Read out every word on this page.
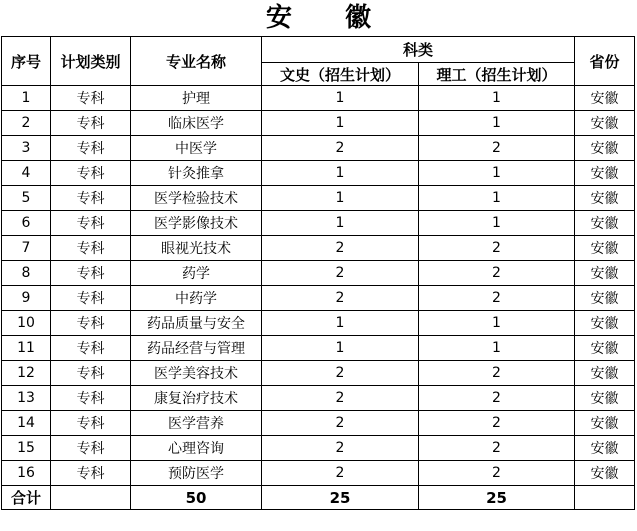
安 徽
序号	计划类别	专业名称	科类		省份
			文史（招生计划）	理工（招生计划）	
1	专科	护理	1	1	安徽
2	专科	临床医学	1	1	安徽
3	专科	中医学	2	2	安徽
4	专科	针灸推拿	1	1	安徽
5	专科	医学检验技术	1	1	安徽
6	专科	医学影像技术	1	1	安徽
7	专科	眼视光技术	2	2	安徽
8	专科	药学	2	2	安徽
9	专科	中药学	2	2	安徽
10	专科	药品质量与安全	1	1	安徽
11	专科	药品经营与管理	1	1	安徽
12	专科	医学美容技术	2	2	安徽
13	专科	康复治疗技术	2	2	安徽
14	专科	医学营养	2	2	安徽
15	专科	心理咨询	2	2	安徽
16	专科	预防医学	2	2	安徽
合计		50	25	25	
